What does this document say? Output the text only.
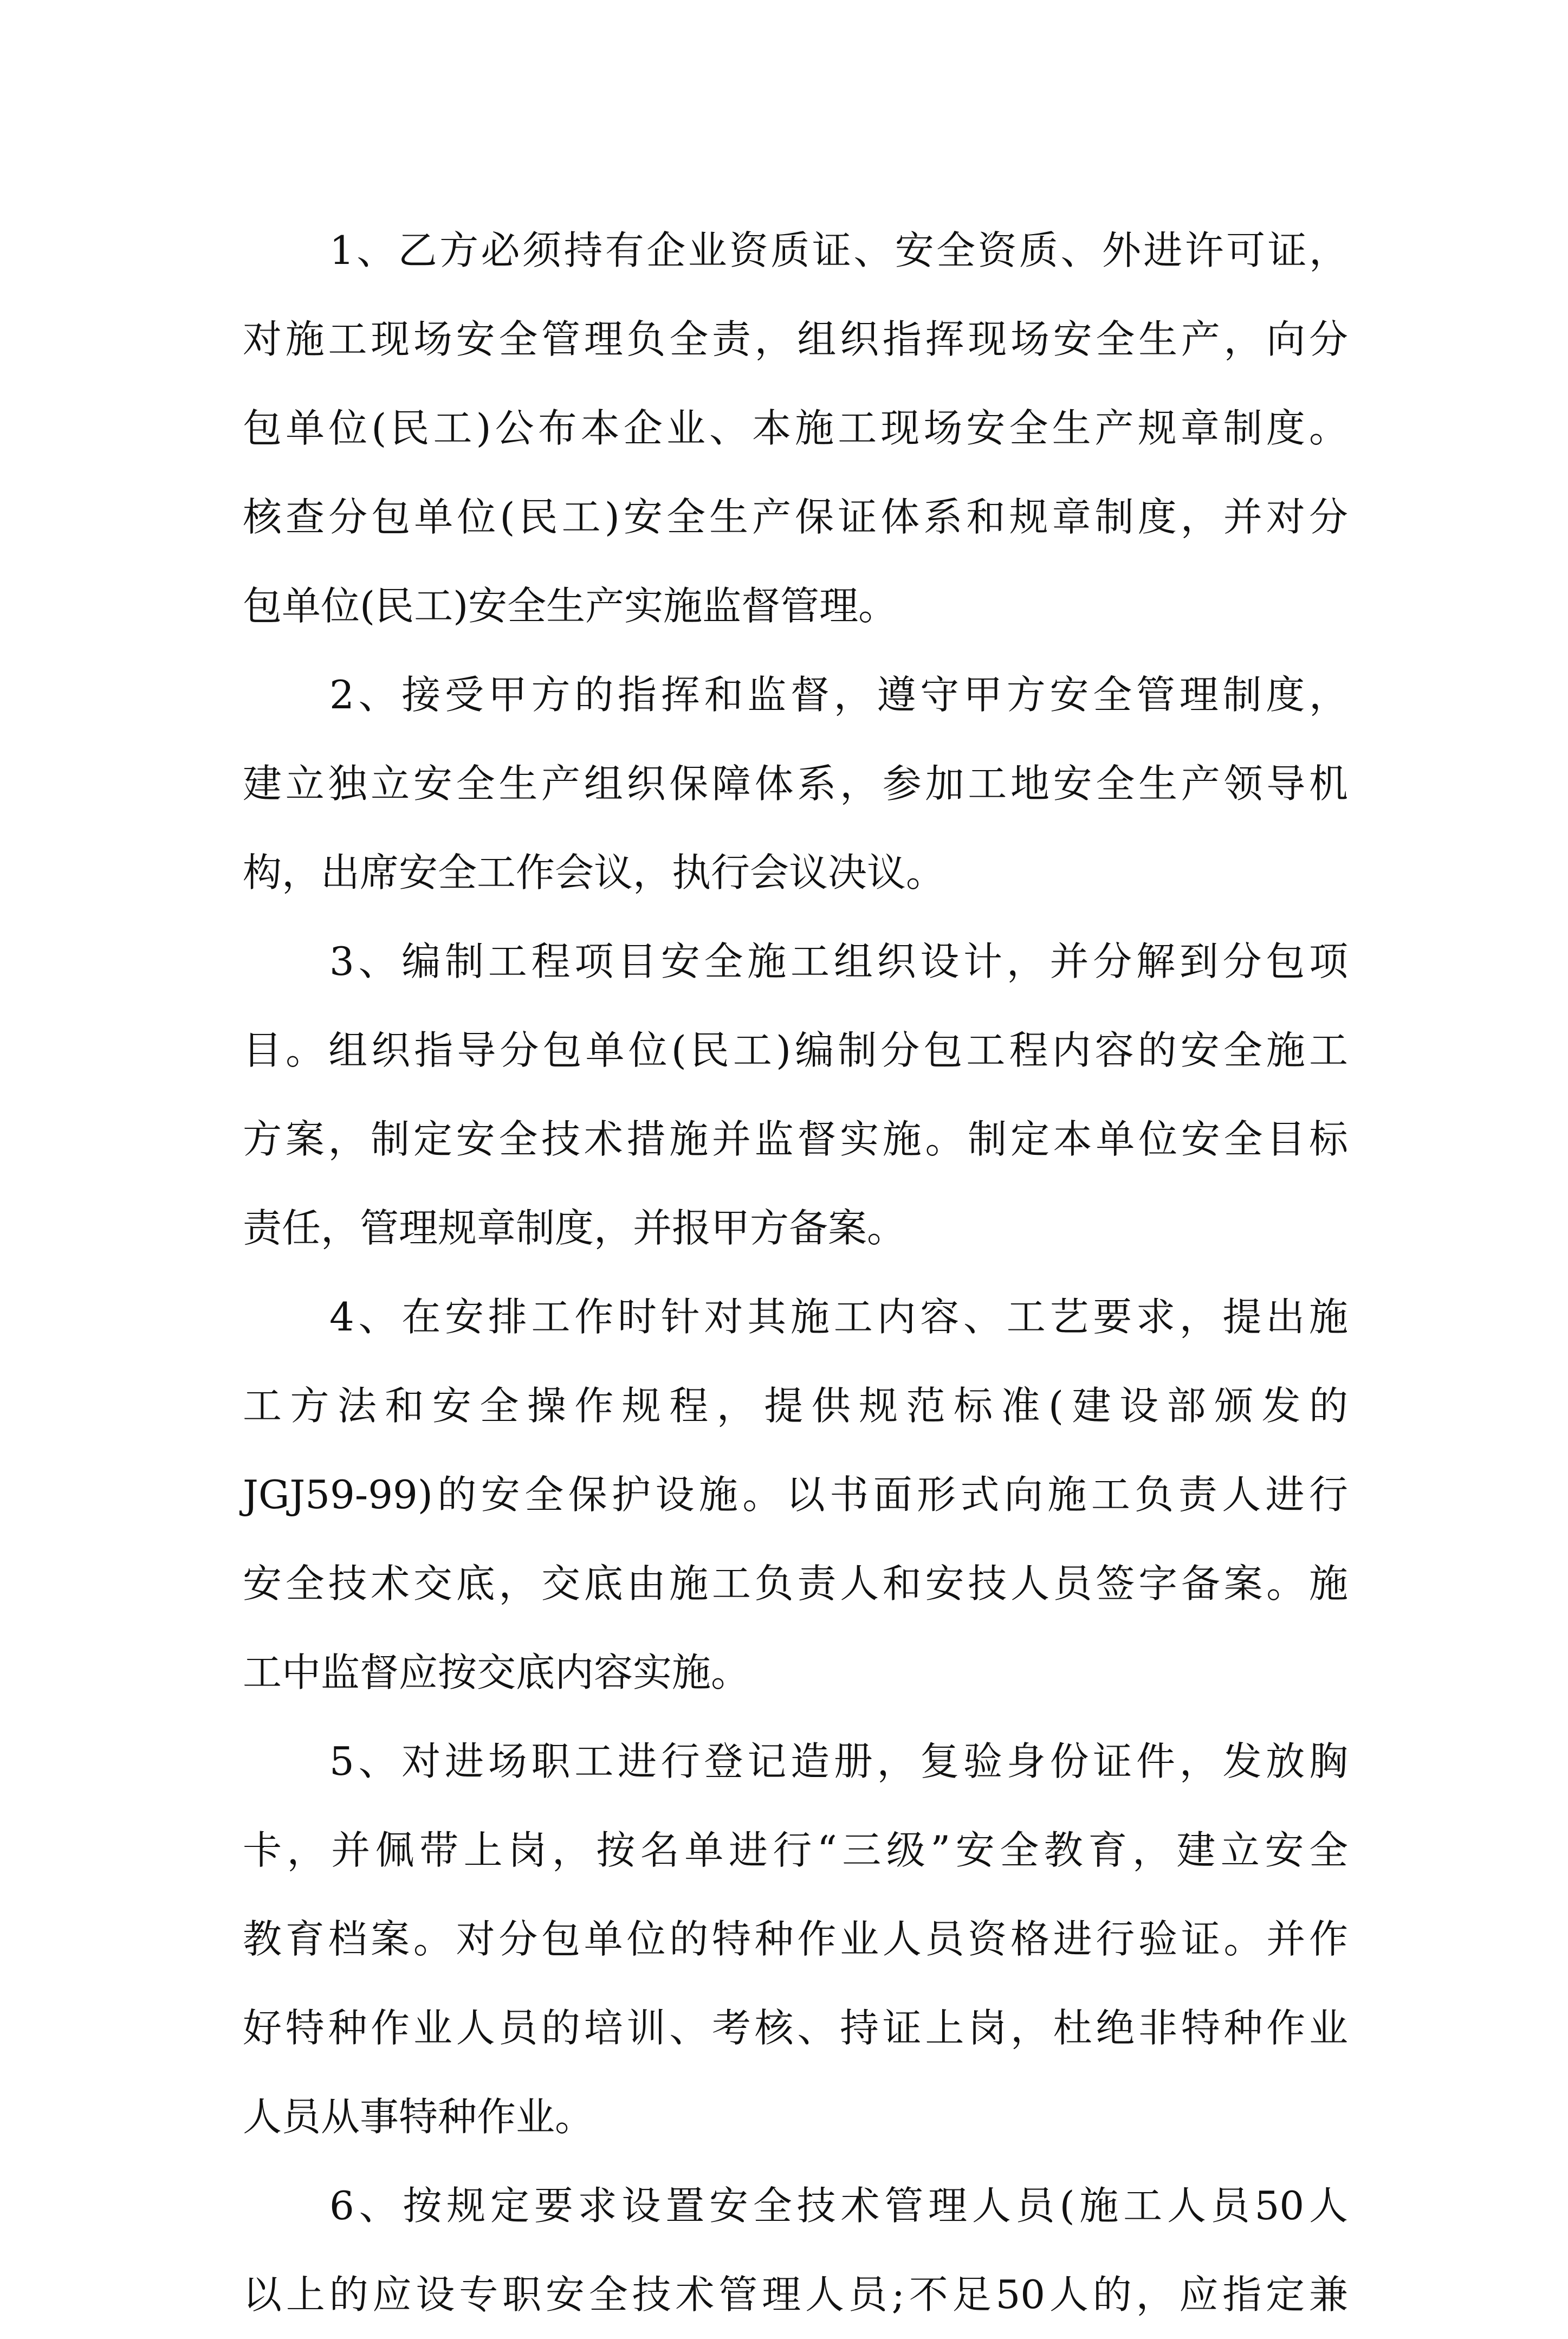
1、乙方必须持有企业资质证、安全资质、外进许可证，
对施工现场安全管理负全责，组织指挥现场安全生产，向分
包单位(民工)公布本企业、本施工现场安全生产规章制度。
核查分包单位(民工)安全生产保证体系和规章制度，并对分
包单位(民工)安全生产实施监督管理。
2、接受甲方的指挥和监督，遵守甲方安全管理制度，
建立独立安全生产组织保障体系，参加工地安全生产领导机
构，出席安全工作会议，执行会议决议。
3、编制工程项目安全施工组织设计，并分解到分包项
目。组织指导分包单位(民工)编制分包工程内容的安全施工
方案，制定安全技术措施并监督实施。制定本单位安全目标
责任，管理规章制度，并报甲方备案。
4、在安排工作时针对其施工内容、工艺要求，提出施
工方法和安全操作规程，提供规范标准(建设部颁发的
JGJ59-99)的安全保护设施。以书面形式向施工负责人进行
安全技术交底，交底由施工负责人和安技人员签字备案。施
工中监督应按交底内容实施。
5、对进场职工进行登记造册，复验身份证件，发放胸
卡，并佩带上岗，按名单进行“三级”安全教育，建立安全
教育档案。对分包单位的特种作业人员资格进行验证。并作
好特种作业人员的培训、考核、持证上岗，杜绝非特种作业
人员从事特种作业。
6、按规定要求设置安全技术管理人员(施工人员50人
以上的应设专职安全技术管理人员;不足50人的，应指定兼
